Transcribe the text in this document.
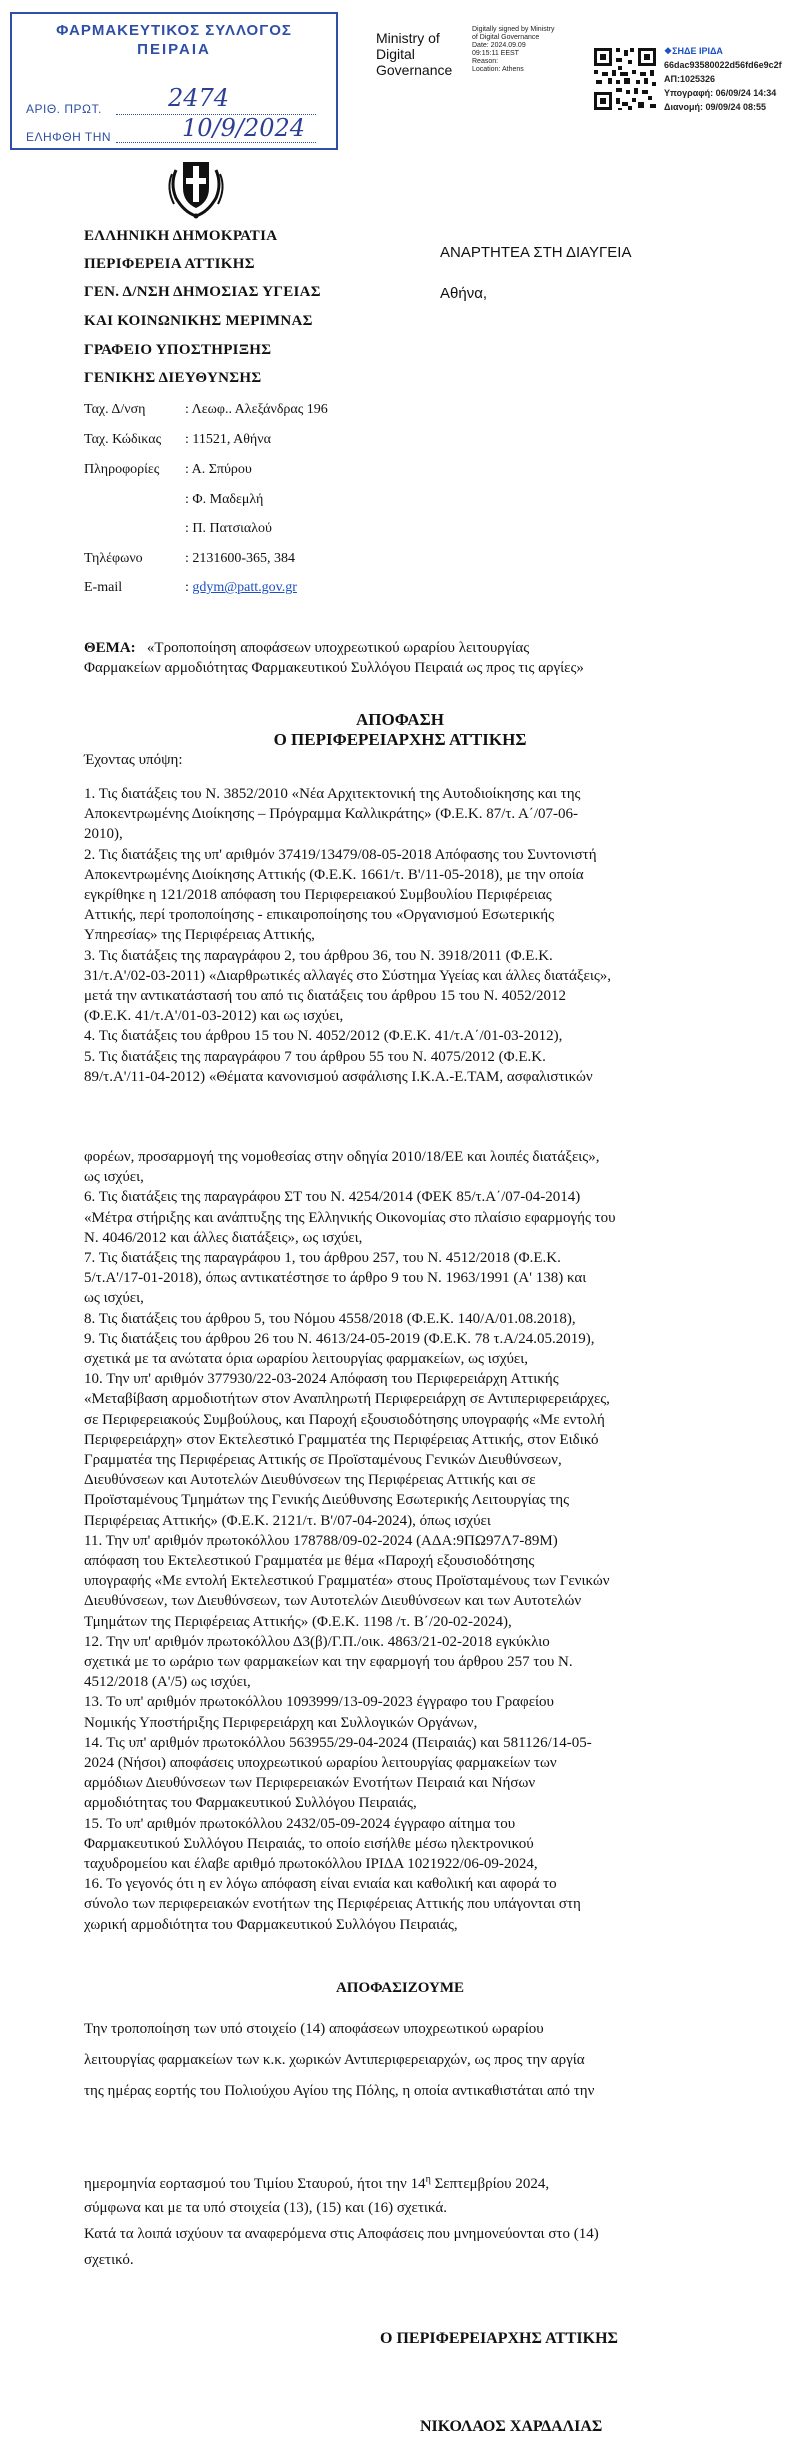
ΦΑΡΜΑΚΕΥΤΙΚΟΣ ΣΥΛΛΟΓΟΣ
ΠΕΙΡΑΙΑ
ΑΡΙΘ. ΠΡΩΤ.	2474
ΕΛΗΦΘΗ ΤΗΝ	10/9/2024
Ministry of
Digital
Governance
Digitally signed by Ministry
of Digital Governance
Date: 2024.09.09
09:15:11 EEST
Reason:
Location: Athens
❖ΣΗΔΕ ΙΡΙΔΑ
66dac93580022d56fd6e9c2f
ΑΠ:1025326
Υπογραφή: 06/09/24 14:34
Διανομή: 09/09/24 08:55
ΕΛΛΗΝΙΚΗ ΔΗΜΟΚΡΑΤΙΑ
ΠΕΡΙΦΕΡΕΙΑ ΑΤΤΙΚΗΣ
ΓΕΝ. Δ/ΝΣΗ ΔΗΜΟΣΙΑΣ ΥΓΕΙΑΣ
ΚΑΙ ΚΟΙΝΩΝΙΚΗΣ ΜΕΡΙΜΝΑΣ
ΓΡΑΦΕΙΟ ΥΠΟΣΤΗΡΙΞΗΣ
ΓΕΝΙΚΗΣ ΔΙΕΥΘΥΝΣΗΣ
ΑΝΑΡΤΗΤΕΑ ΣΤΗ ΔΙΑΥΓΕΙΑ
Αθήνα,
Ταχ. Δ/νση	: Λεωφ.. Αλεξάνδρας 196
Ταχ. Κώδικας : 11521, Αθήνα
Πληροφορίες : Α. Σπύρου
: Φ. Μαδεμλή
: Π. Πατσιαλού
Τηλέφωνο	: 2131600-365, 384
E-mail	: gdym@patt.gov.gr
ΘΕΜΑ: «Τροποποίηση αποφάσεων υποχρεωτικού ωραρίου λειτουργίας
Φαρμακείων αρμοδιότητας Φαρμακευτικού Συλλόγου Πειραιά ως προς τις αργίες»
ΑΠΟΦΑΣΗ
Ο ΠΕΡΙΦΕΡΕΙΑΡΧΗΣ ΑΤΤΙΚΗΣ
Έχοντας υπόψη:
1. Τις διατάξεις του Ν. 3852/2010 «Νέα Αρχιτεκτονική της Αυτοδιοίκησης και της
Αποκεντρωμένης Διοίκησης – Πρόγραμμα Καλλικράτης» (Φ.Ε.Κ. 87/τ. Α΄/07-06-
2010),
2. Τις διατάξεις της υπ' αριθμόν 37419/13479/08-05-2018 Απόφασης του Συντονιστή
Αποκεντρωμένης Διοίκησης Αττικής (Φ.Ε.Κ. 1661/τ. Β'/11-05-2018), με την οποία
εγκρίθηκε η 121/2018 απόφαση του Περιφερειακού Συμβουλίου Περιφέρειας
Αττικής, περί τροποποίησης - επικαιροποίησης του «Οργανισμού Εσωτερικής
Υπηρεσίας» της Περιφέρειας Αττικής,
3. Τις διατάξεις της παραγράφου 2, του άρθρου 36, του Ν. 3918/2011 (Φ.Ε.Κ.
31/τ.Α'/02-03-2011) «Διαρθρωτικές αλλαγές στο Σύστημα Υγείας και άλλες διατάξεις»,
μετά την αντικατάστασή του από τις διατάξεις του άρθρου 15 του Ν. 4052/2012
(Φ.Ε.Κ. 41/τ.Α'/01-03-2012) και ως ισχύει,
4. Τις διατάξεις του άρθρου 15 του Ν. 4052/2012 (Φ.Ε.Κ. 41/τ.Α΄/01-03-2012),
5. Τις διατάξεις της παραγράφου 7 του άρθρου 55 του Ν. 4075/2012 (Φ.Ε.Κ.
89/τ.Α'/11-04-2012) «Θέματα κανονισμού ασφάλισης Ι.Κ.Α.-Ε.ΤΑΜ, ασφαλιστικών
φορέων, προσαρμογή της νομοθεσίας στην οδηγία 2010/18/ΕΕ και λοιπές διατάξεις»,
ως ισχύει,
6. Τις διατάξεις της παραγράφου ΣΤ του Ν. 4254/2014 (ΦΕΚ 85/τ.Α΄/07-04-2014)
«Μέτρα στήριξης και ανάπτυξης της Ελληνικής Οικονομίας στο πλαίσιο εφαρμογής του
Ν. 4046/2012 και άλλες διατάξεις», ως ισχύει,
7. Τις διατάξεις της παραγράφου 1, του άρθρου 257, του Ν. 4512/2018 (Φ.Ε.Κ.
5/τ.Α'/17-01-2018), όπως αντικατέστησε το άρθρο 9 του Ν. 1963/1991 (Α' 138) και
ως ισχύει,
8. Τις διατάξεις του άρθρου 5, του Νόμου 4558/2018 (Φ.Ε.Κ. 140/Α/01.08.2018),
9. Τις διατάξεις του άρθρου 26 του Ν. 4613/24-05-2019 (Φ.Ε.Κ. 78 τ.Α/24.05.2019),
σχετικά με τα ανώτατα όρια ωραρίου λειτουργίας φαρμακείων, ως ισχύει,
10. Την υπ' αριθμόν 377930/22-03-2024 Απόφαση του Περιφερειάρχη Αττικής
«Μεταβίβαση αρμοδιοτήτων στον Αναπληρωτή Περιφερειάρχη σε Αντιπεριφερειάρχες,
σε Περιφερειακούς Συμβούλους, και Παροχή εξουσιοδότησης υπογραφής «Με εντολή
Περιφερειάρχη» στον Εκτελεστικό Γραμματέα της Περιφέρειας Αττικής, στον Ειδικό
Γραμματέα της Περιφέρειας Αττικής σε Προϊσταμένους Γενικών Διευθύνσεων,
Διευθύνσεων και Αυτοτελών Διευθύνσεων της Περιφέρειας Αττικής και σε
Προϊσταμένους Τμημάτων της Γενικής Διεύθυνσης Εσωτερικής Λειτουργίας της
Περιφέρειας Αττικής» (Φ.Ε.Κ. 2121/τ. Β'/07-04-2024), όπως ισχύει
11. Την υπ' αριθμόν πρωτοκόλλου 178788/09-02-2024 (ΑΔΑ:9ΠΩ97Λ7-89Μ)
απόφαση του Εκτελεστικού Γραμματέα με θέμα «Παροχή εξουσιοδότησης
υπογραφής «Με εντολή Εκτελεστικού Γραμματέα» στους Προϊσταμένους των Γενικών
Διευθύνσεων, των Διευθύνσεων, των Αυτοτελών Διευθύνσεων και των Αυτοτελών
Τμημάτων της Περιφέρειας Αττικής» (Φ.Ε.Κ. 1198 /τ. Β΄/20-02-2024),
12. Την υπ' αριθμόν πρωτοκόλλου Δ3(β)/Γ.Π./οικ. 4863/21-02-2018 εγκύκλιο
σχετικά με το ωράριο των φαρμακείων και την εφαρμογή του άρθρου 257 του Ν.
4512/2018 (Α'/5) ως ισχύει,
13. Το υπ' αριθμόν πρωτοκόλλου 1093999/13-09-2023 έγγραφο του Γραφείου
Νομικής Υποστήριξης Περιφερειάρχη και Συλλογικών Οργάνων,
14. Τις υπ' αριθμόν πρωτοκόλλου 563955/29-04-2024 (Πειραιάς) και 581126/14-05-
2024 (Νήσοι) αποφάσεις υποχρεωτικού ωραρίου λειτουργίας φαρμακείων των
αρμόδιων Διευθύνσεων των Περιφερειακών Ενοτήτων Πειραιά και Νήσων
αρμοδιότητας του Φαρμακευτικού Συλλόγου Πειραιάς,
15. Το υπ' αριθμόν πρωτοκόλλου 2432/05-09-2024 έγγραφο αίτημα του
Φαρμακευτικού Συλλόγου Πειραιάς, το οποίο εισήλθε μέσω ηλεκτρονικού
ταχυδρομείου και έλαβε αριθμό πρωτοκόλλου ΙΡΙΔΑ 1021922/06-09-2024,
16. Το γεγονός ότι η εν λόγω απόφαση είναι ενιαία και καθολική και αφορά το
σύνολο των περιφερειακών ενοτήτων της Περιφέρειας Αττικής που υπάγονται στη
χωρική αρμοδιότητα του Φαρμακευτικού Συλλόγου Πειραιάς,
ΑΠΟΦΑΣΙΖΟΥΜΕ
Την τροποποίηση των υπό στοιχείο (14) αποφάσεων υποχρεωτικού ωραρίου
λειτουργίας φαρμακείων των κ.κ. χωρικών Αντιπεριφερειαρχών, ως προς την αργία
της ημέρας εορτής του Πολιούχου Αγίου της Πόλης, η οποία αντικαθιστάται από την
ημερομηνία εορτασμού του Τιμίου Σταυρού, ήτοι την $14^\eta$ Σεπτεμβρίου 2024,
σύμφωνα και με τα υπό στοιχεία (13), (15) και (16) σχετικά.
Κατά τα λοιπά ισχύουν τα αναφερόμενα στις Αποφάσεις που μνημονεύονται στο (14)
σχετικό.
Ο ΠΕΡΙΦΕΡΕΙΑΡΧΗΣ ΑΤΤΙΚΗΣ
ΝΙΚΟΛΑΟΣ ΧΑΡΔΑΛΙΑΣ
